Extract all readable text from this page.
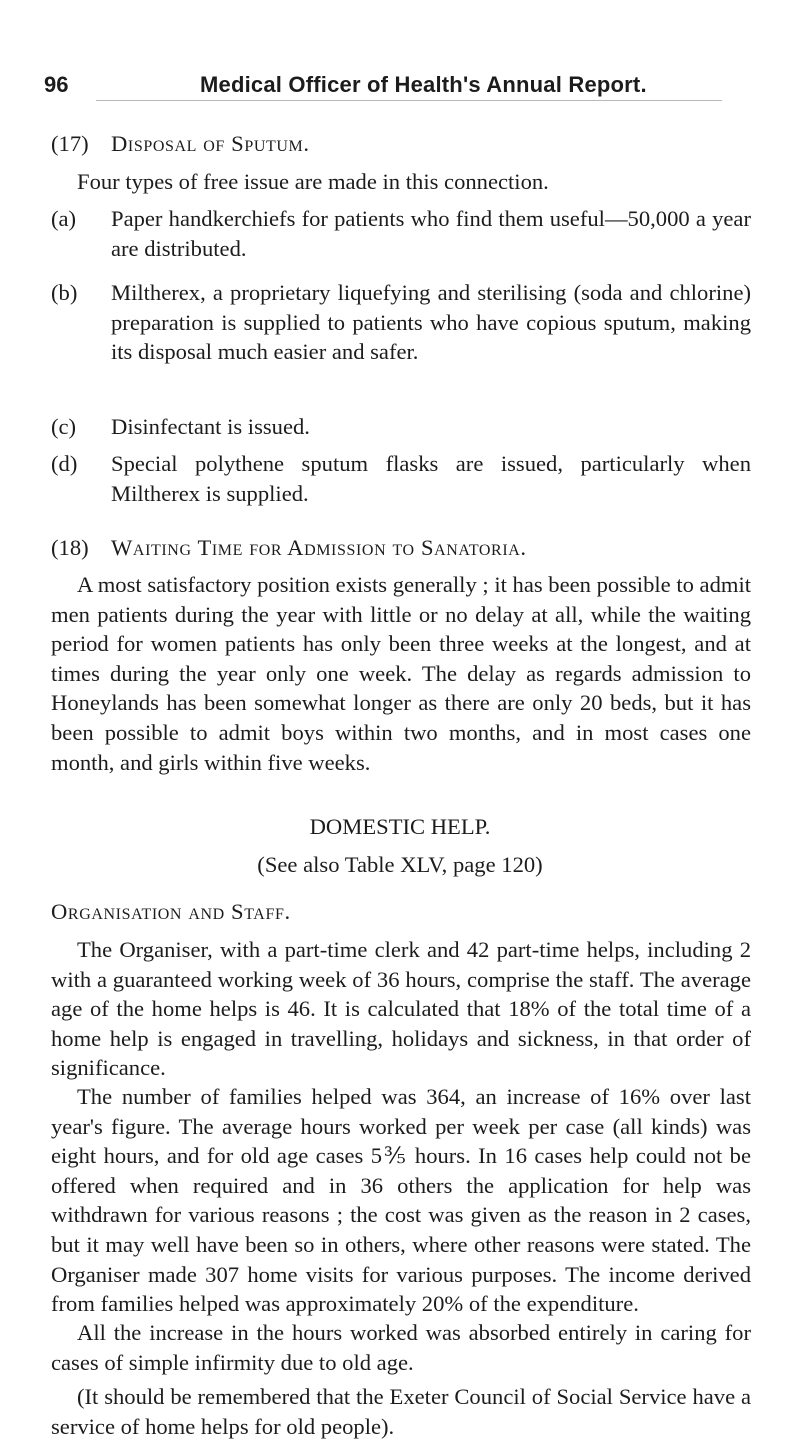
96	Medical Officer of Health's Annual Report.
(17) Disposal of Sputum.
Four types of free issue are made in this connection.
(a)	Paper handkerchiefs for patients who find them useful—50,000 a year are distributed.
(b)	Miltherex, a proprietary liquefying and sterilising (soda and chlorine) preparation is supplied to patients who have copious sputum, making its disposal much easier and safer.
(c)	Disinfectant is issued.
(d)	Special polythene sputum flasks are issued, particularly when Miltherex is supplied.
(18) Waiting Time for Admission to Sanatoria.
A most satisfactory position exists generally ; it has been possible to admit men patients during the year with little or no delay at all, while the waiting period for women patients has only been three weeks at the longest, and at times during the year only one week. The delay as regards admission to Honeylands has been somewhat longer as there are only 20 beds, but it has been possible to admit boys within two months, and in most cases one month, and girls within five weeks.
DOMESTIC HELP.
(See also Table XLV, page 120)
Organisation and Staff.
The Organiser, with a part-time clerk and 42 part-time helps, including 2 with a guaranteed working week of 36 hours, comprise the staff. The average age of the home helps is 46. It is calculated that 18% of the total time of a home help is engaged in travelling, holidays and sickness, in that order of significance.
The number of families helped was 364, an increase of 16% over last year's figure. The average hours worked per week per case (all kinds) was eight hours, and for old age cases 5⅗ hours. In 16 cases help could not be offered when required and in 36 others the application for help was withdrawn for various reasons ; the cost was given as the reason in 2 cases, but it may well have been so in others, where other reasons were stated. The Organiser made 307 home visits for various purposes. The income derived from families helped was approximately 20% of the expenditure.
All the increase in the hours worked was absorbed entirely in caring for cases of simple infirmity due to old age.
(It should be remembered that the Exeter Council of Social Service have a service of home helps for old people).
